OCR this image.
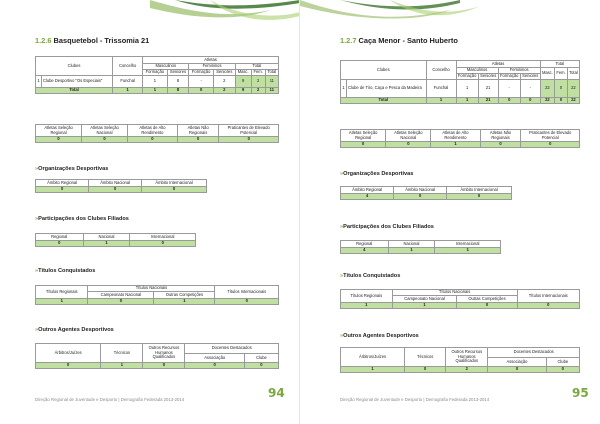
1.2.6 Basquetebol - Trissomia 21
Clubes		Concelho	Atletas						
			Masculinos		Femininos		Total		
			Formação	Seniores	Formação	Seniores	Masc.	Fem.	Total
1	Clube Desportivo "Os Especiais"	Funchal	1	8	-	2	9	2	11
Total		1	1	8	0	2	9	2	11
Atletas Seleção Regional	Atletas Seleção Nacional	Atletas de Alto Rendimento	Atletas Não Regionais	Praticantes de Elevado Potencial
0	0	0	0	0
»Organizações Desportivas
Âmbito Regional	Âmbito Nacional	Âmbito Internacional
0	0	0
»Participações dos Clubes Filiados
Regional	Nacional	Internacional
0	1	0
»Títulos Conquistados
Títulos Regionais	Títulos Nacionais		Títulos Internacionais
	Campeonato Nacional	Outras Competições	
1	0	1	0
»Outros Agentes Desportivos
Árbitros/Juízes	Técnicos	Outros Recursos Humanos Qualificados	Docentes Destacados	
			Associação	Clube
0	1	0	0	0
Direção Regional de Juventude e Desporto | Demografia Federada 2013-2014	94
1.2.7 Caça Menor - Santo Huberto
Clubes		Concelho	Atletas				Total		
			Masculinos		Femininos		Masc.	Fem.	Total
			Formação	Seniores	Formação	Seniores			
1	Clube de Tiro, Caça e Pesca da Madeira	Funchal	1	21	-	-	22	0	22
Total		1	1	21	0	0	22	0	22
Atletas Seleção Regional	Atletas Seleção Nacional	Atletas de Alto Rendimento	Atletas Não Regionais	Praticantes de Elevado Potencial
0	0	1	0	0
»Organizações Desportivas
Âmbito Regional	Âmbito Nacional	Âmbito Internacional
4	0	0
»Participações dos Clubes Filiados
Regional	Nacional	Internacional
4	1	1
»Títulos Conquistados
Títulos Regionais	Títulos Nacionais		Títulos Internacionais
	Campeonato Nacional	Outras Competições	
1	1	0	0
»Outros Agentes Desportivos
Árbitros/Juízes	Técnicos	Outros Recursos Humanos Qualificados	Docentes Destacados	
			Associação	Clube
1	0	2	0	0
Direção Regional de Juventude e Desporto | Demografia Federada 2013-2014	95
